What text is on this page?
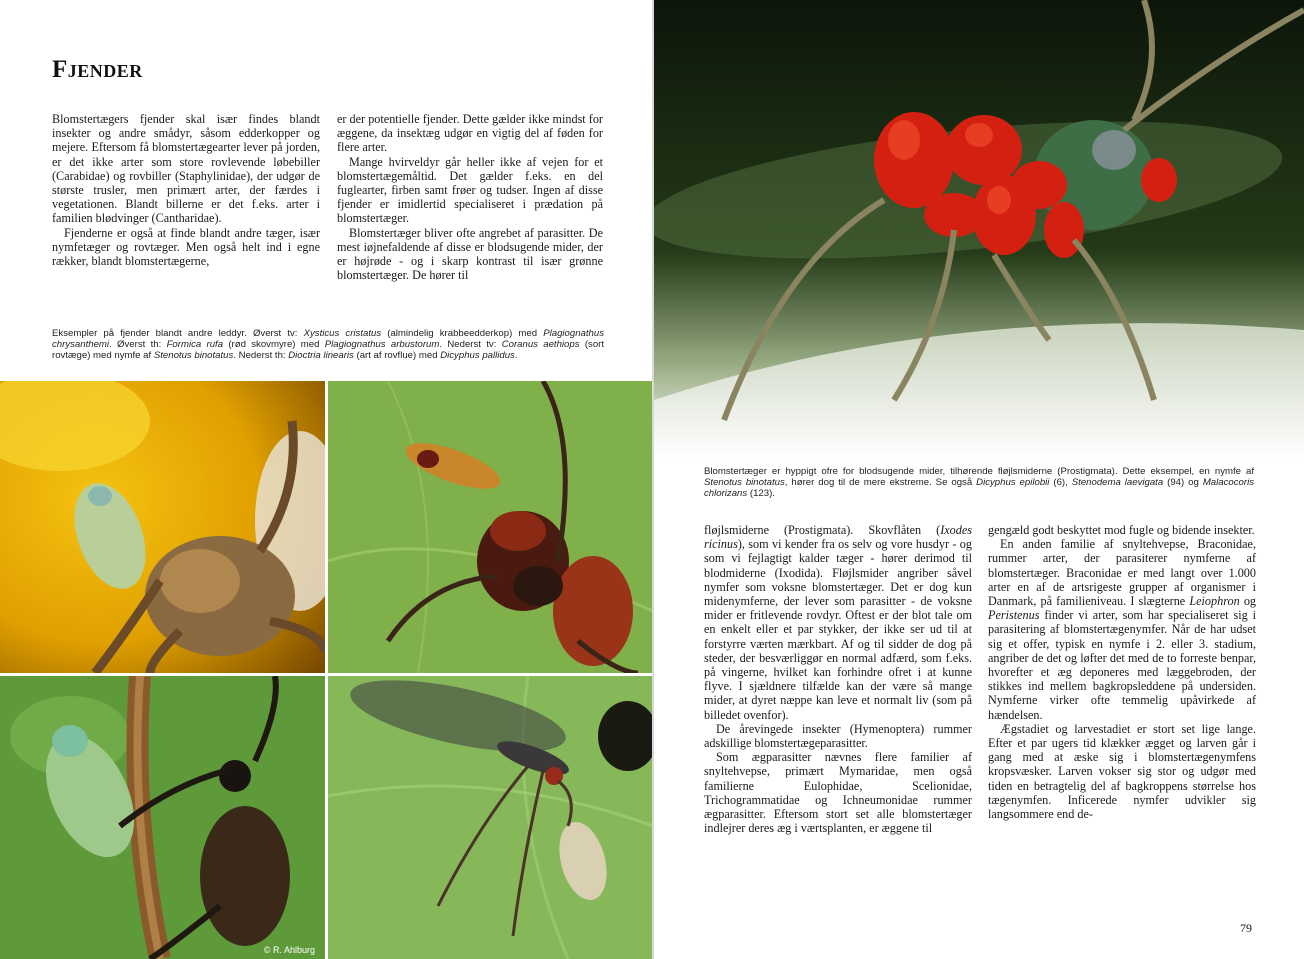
Fjender

Blomstertægers fjender skal især findes blandt insekter og andre smådyr, såsom edderkopper og mejere. Eftersom få blomstertægearter lever på jorden, er det ikke arter som store rovlevende løbebiller (Carabidae) og rovbiller (Staphylinidae), der udgør de største trusler, men primært arter, der færdes i vegetationen. Blandt billerne er det f.eks. arter i familien blødvinger (Cantharidae).

Fjenderne er også at finde blandt andre tæger, især nymfetæger og rovtæger. Men også helt ind i egne rækker, blandt blomstertægerne,

er der potentielle fjender. Dette gælder ikke mindst for æggene, da insektæg udgør en vigtig del af føden for flere arter.

Mange hvirveldyr går heller ikke af vejen for et blomstertægemåltid. Det gælder f.eks. en del fuglearter, firben samt frøer og tudser. Ingen af disse fjender er imidlertid specialiseret i prædation på blomstertæger.

Blomstertæger bliver ofte angrebet af parasitter. De mest iøjnefaldende af disse er blodsugende mider, der er højrøde - og i skarp kontrast til især grønne blomstertæger. De hører til

Eksempler på fjender blandt andre leddyr. Øverst tv: Xysticus cristatus (almindelig krabbeedderkop) med Plagiognathus chrysanthemi. Øverst th: Formica rufa (rød skovmyre) med Plagiognathus arbustorum. Nederst tv: Coranus aethiops (sort rovtæge) med nymfe af Stenotus binotatus. Nederst th: Dioctria linearis (art af rovflue) med Dicyphus pallidus.
© R. Ahlburg
Blomstertæger er hyppigt ofre for blodsugende mider, tilhørende fløjlsmiderne (Prostigmata). Dette eksempel, en nymfe af Stenotus binotatus, hører dog til de mere ekstreme. Se også Dicyphus epilobii (6), Stenodema laevigata (94) og Malacocoris chlorizans (123).

fløjlsmiderne (Prostigmata). Skovflåten (Ixodes ricinus), som vi kender fra os selv og vore husdyr - og som vi fejlagtigt kalder tæger - hører derimod til blodmiderne (Ixodida). Fløjlsmider angriber såvel nymfer som voksne blomstertæger. Det er dog kun midenymferne, der lever som parasitter - de voksne mider er fritlevende rovdyr. Oftest er der blot tale om en enkelt eller et par stykker, der ikke ser ud til at forstyrre værten mærkbart. Af og til sidder de dog på steder, der besværliggør en normal adfærd, som f.eks. på vingerne, hvilket kan forhindre ofret i at kunne flyve. I sjældnere tilfælde kan der være så mange mider, at dyret næppe kan leve et normalt liv (som på billedet ovenfor).

De årevingede insekter (Hymenoptera) rummer adskillige blomstertægeparasitter.

Som ægparasitter nævnes flere familier af snyltehvepse, primært Mymaridae, men også familierne Eulophidae, Scelionidae, Trichogrammatidae og Ichneumonidae rummer ægparasitter. Eftersom stort set alle blomstertæger indlejrer deres æg i værtsplanten, er æggene til

gengæld godt beskyttet mod fugle og bidende insekter.

En anden familie af snyltehvepse, Braconidae, rummer arter, der parasiterer nymferne af blomstertæger. Braconidae er med langt over 1.000 arter en af de artsrigeste grupper af organismer i Danmark, på familieniveau. I slægterne Leiophron og Peristenus finder vi arter, som har specialiseret sig i parasitering af blomstertægenymfer. Når de har udset sig et offer, typisk en nymfe i 2. eller 3. stadium, angriber de det og løfter det med de to forreste benpar, hvorefter et æg deponeres med læggebroden, der stikkes ind mellem bagkropsleddene på undersiden. Nymferne virker ofte temmelig upåvirkede af hændelsen.

Ægstadiet og larvestadiet er stort set lige lange. Efter et par ugers tid klækker ægget og larven går i gang med at æske sig i blomstertægenymfens kropsvæsker. Larven vokser sig stor og udgør med tiden en betragtelig del af bagkroppens størrelse hos tægenymfen. Inficerede nymfer udvikler sig langsommere end de-

79
